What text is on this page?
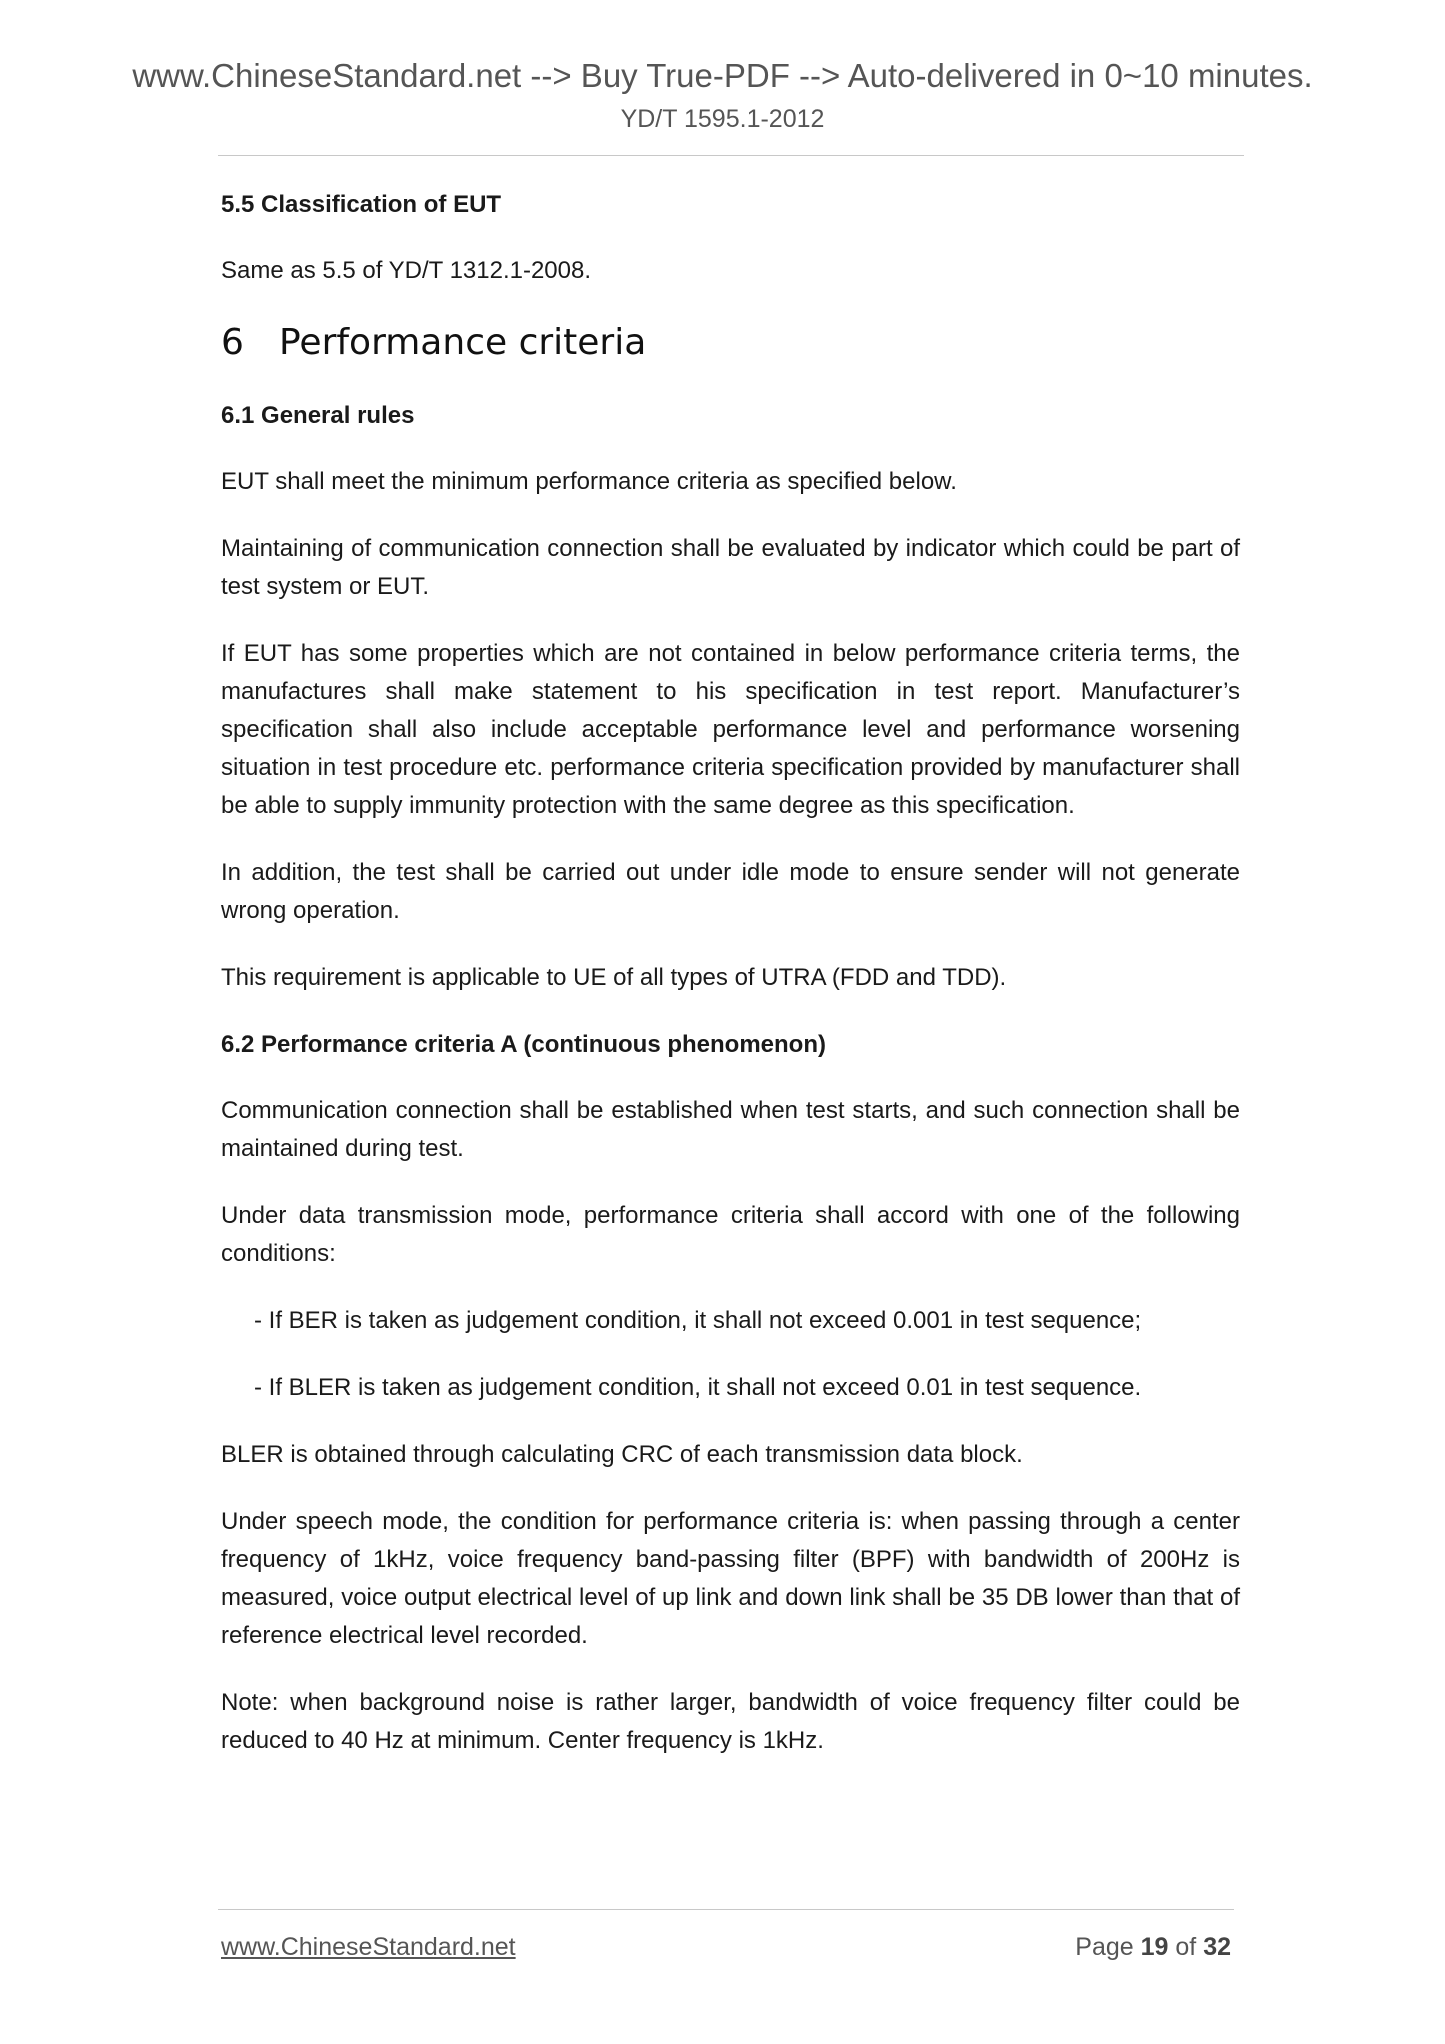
www.ChineseStandard.net --> Buy True-PDF --> Auto-delivered in 0~10 minutes.
YD/T 1595.1-2012
5.5 Classification of EUT
Same as 5.5 of YD/T 1312.1-2008.
6 Performance criteria
6.1 General rules
EUT shall meet the minimum performance criteria as specified below.
Maintaining of communication connection shall be evaluated by indicator which could be part of test system or EUT.
If EUT has some properties which are not contained in below performance criteria terms, the manufactures shall make statement to his specification in test report. Manufacturer’s specification shall also include acceptable performance level and performance worsening situation in test procedure etc. performance criteria specification provided by manufacturer shall be able to supply immunity protection with the same degree as this specification.
In addition, the test shall be carried out under idle mode to ensure sender will not generate wrong operation.
This requirement is applicable to UE of all types of UTRA (FDD and TDD).
6.2 Performance criteria A (continuous phenomenon)
Communication connection shall be established when test starts, and such connection shall be maintained during test.
Under data transmission mode, performance criteria shall accord with one of the following conditions:
- If BER is taken as judgement condition, it shall not exceed 0.001 in test sequence;
- If BLER is taken as judgement condition, it shall not exceed 0.01 in test sequence.
BLER is obtained through calculating CRC of each transmission data block.
Under speech mode, the condition for performance criteria is: when passing through a center frequency of 1kHz, voice frequency band-passing filter (BPF) with bandwidth of 200Hz is measured, voice output electrical level of up link and down link shall be 35 DB lower than that of reference electrical level recorded.
Note: when background noise is rather larger, bandwidth of voice frequency filter could be reduced to 40 Hz at minimum. Center frequency is 1kHz.
www.ChineseStandard.net	Page 19 of 32
